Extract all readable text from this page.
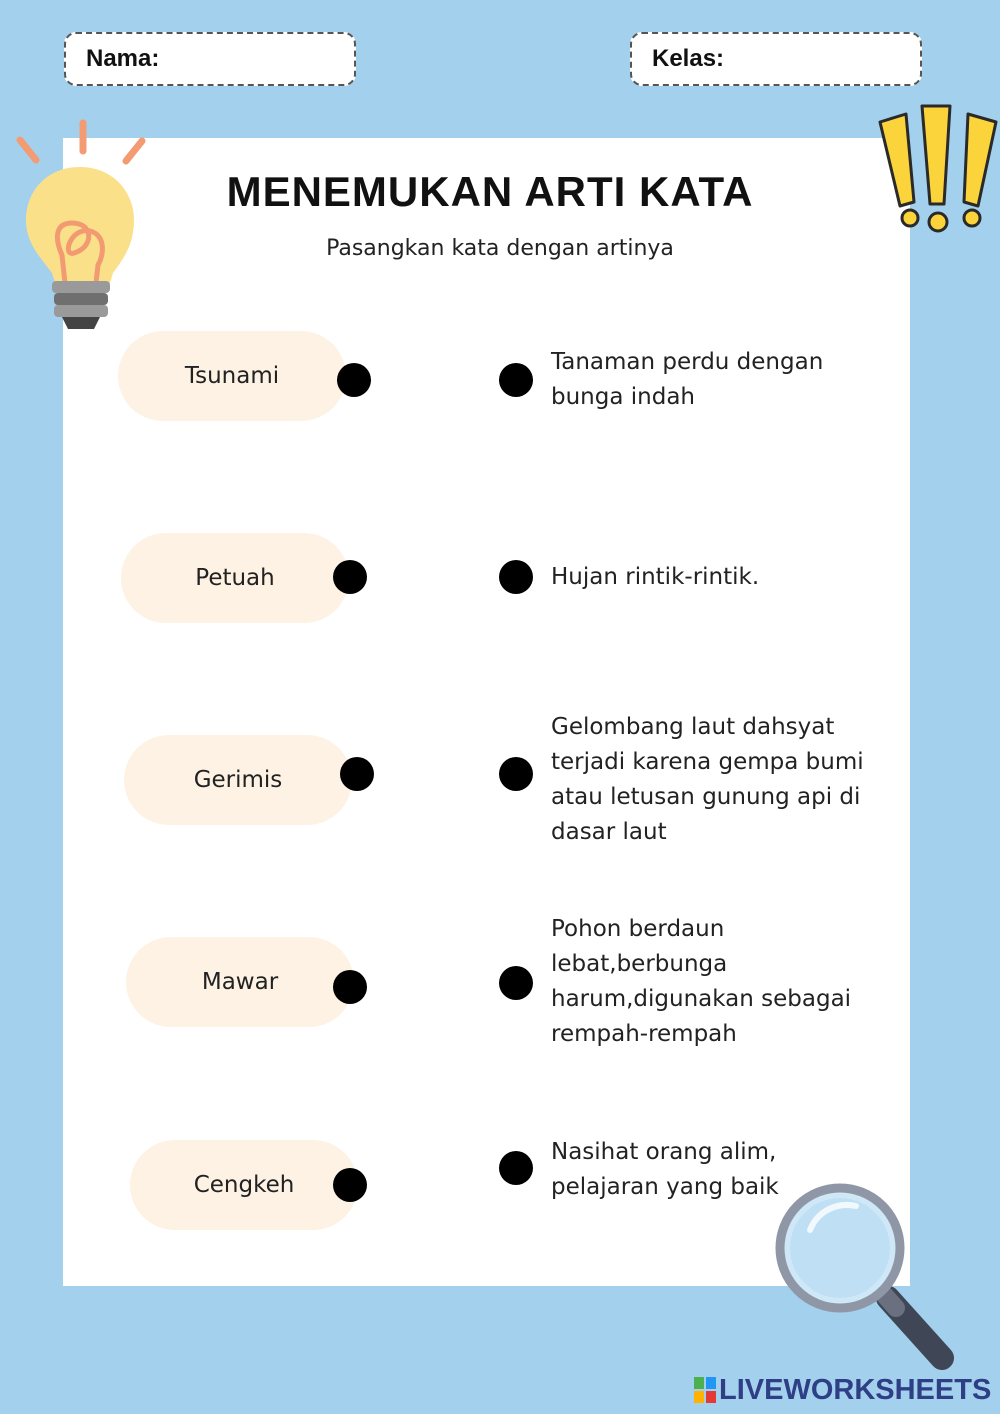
Nama:	Kelas:
MENEMUKAN ARTI KATA
Pasangkan kata dengan artinya
Tsunami
Tanaman perdu dengan
bunga indah
Petuah	Hujan rintik-rintik.
Gerimis
Gelombang laut dahsyat
terjadi karena gempa bumi
atau letusan gunung api di
dasar laut
Mawar
Pohon berdaun
lebat,berbunga
harum,digunakan sebagai
rempah-rempah
Cengkeh
Nasihat orang alim,
pelajaran yang baik
LIVEWORKSHEETS
